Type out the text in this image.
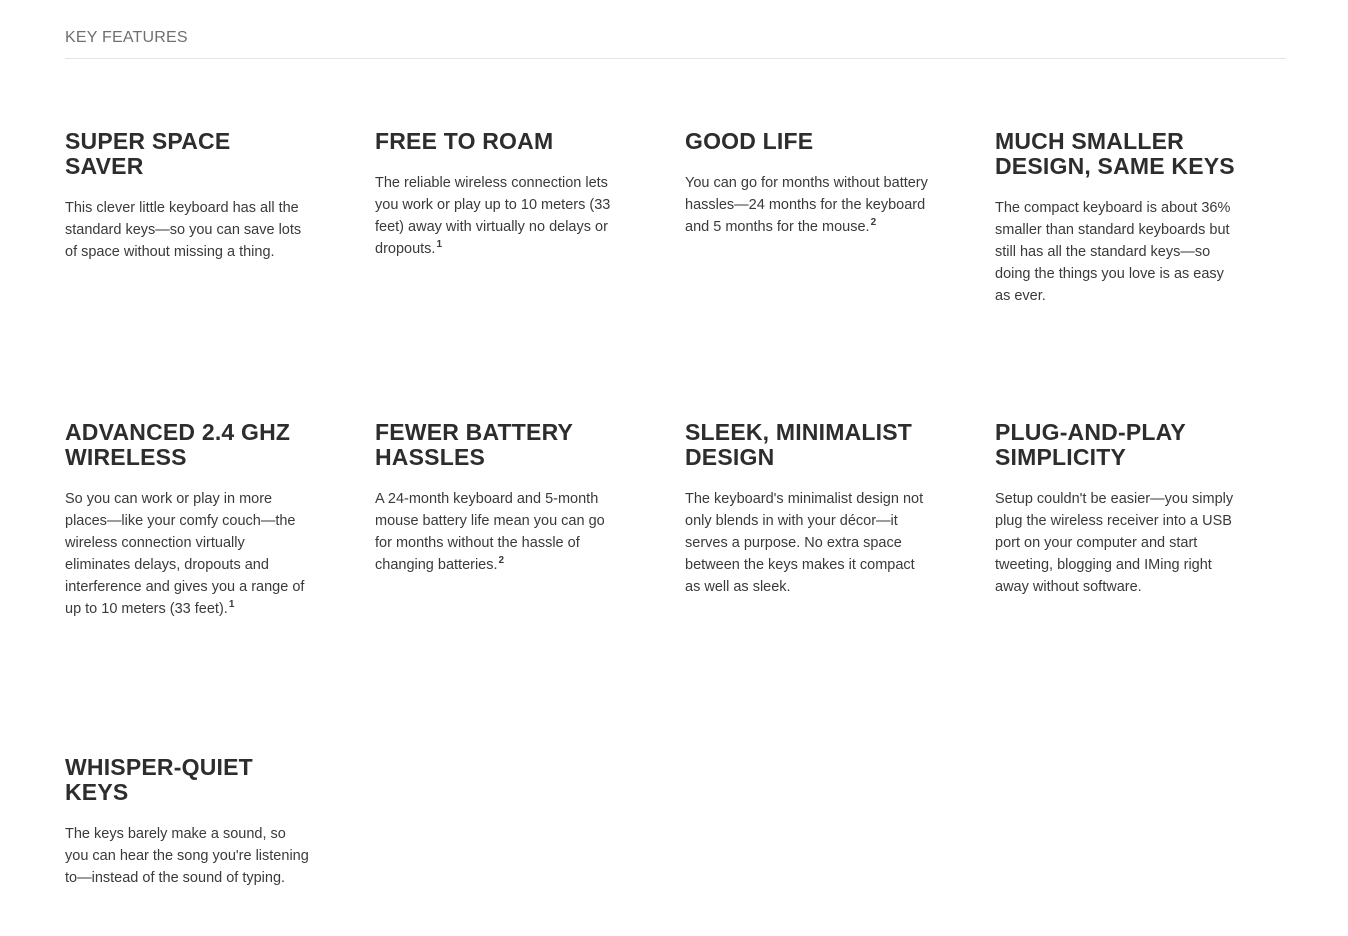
KEY FEATURES
SUPER SPACE SAVER

This clever little keyboard has all the standard keys—so you can save lots of space without missing a thing.

FREE TO ROAM

The reliable wireless connection lets you work or play up to 10 meters (33 feet) away with virtually no delays or dropouts.$^1$

GOOD LIFE

You can go for months without battery hassles—24 months for the keyboard and 5 months for the mouse.$^2$

MUCH SMALLER DESIGN, SAME KEYS

The compact keyboard is about 36% smaller than standard keyboards but still has all the standard keys—so doing the things you love is as easy as ever.

ADVANCED 2.4 GHZ WIRELESS

So you can work or play in more places—like your comfy couch—the wireless connection virtually eliminates delays, dropouts and interference and gives you a range of up to 10 meters (33 feet).$^1$

FEWER BATTERY HASSLES

A 24-month keyboard and 5-month mouse battery life mean you can go for months without the hassle of changing batteries.$^2$

SLEEK, MINIMALIST DESIGN

The keyboard's minimalist design not only blends in with your décor—it serves a purpose. No extra space between the keys makes it compact as well as sleek.

PLUG-AND-PLAY SIMPLICITY

Setup couldn't be easier—you simply plug the wireless receiver into a USB port on your computer and start tweeting, blogging and IMing right away without software.

WHISPER-QUIET KEYS

The keys barely make a sound, so you can hear the song you're listening to—instead of the sound of typing.
